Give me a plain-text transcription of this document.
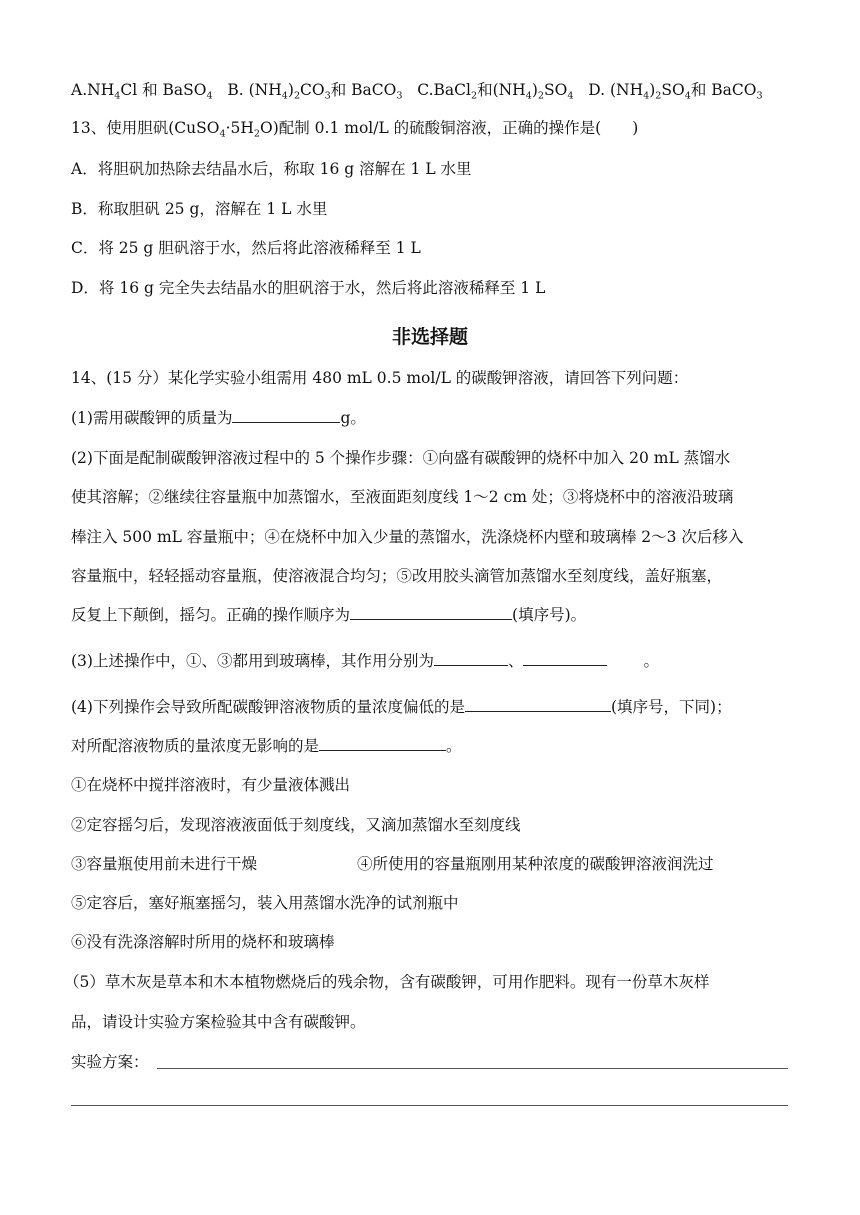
$A.NH_4Cl$ 和 BaSO$_4$ B. $(NH_4)_2CO_3$和 BaCO$_3$ C.BaCl$_2$和$(NH_4)_2SO_4$ D. $(NH_4)_2SO_4$和 BaCO$_3$
13、使用胆矾$(CuSO_4\cdot 5H_2O)$配制 0.1 mol/L 的硫酸铜溶液，正确的操作是(　　)
A．将胆矾加热除去结晶水后，称取 16 g 溶解在 1 L 水里
B．称取胆矾 25 g，溶解在 1 L 水里
C．将 25 g 胆矾溶于水，然后将此溶液稀释至 1 L
D．将 16 g 完全失去结晶水的胆矾溶于水，然后将此溶液稀释至 1 L
非选择题
14、(15 分）某化学实验小组需用 480 mL 0.5 mol/L 的碳酸钾溶液，请回答下列问题：
(1)需用碳酸钾的质量为	g。
(2)下面是配制碳酸钾溶液过程中的 5 个操作步骤：①向盛有碳酸钾的烧杯中加入 20 mL 蒸馏水
使其溶解；②继续往容量瓶中加蒸馏水，至液面距刻度线 1～2 cm 处；③将烧杯中的溶液沿玻璃
棒注入 500 mL 容量瓶中；④在烧杯中加入少量的蒸馏水，洗涤烧杯内壁和玻璃棒 2～3 次后移入
容量瓶中，轻轻摇动容量瓶，使溶液混合均匀；⑤改用胶头滴管加蒸馏水至刻度线，盖好瓶塞，
反复上下颠倒，摇匀。正确的操作顺序为	(填序号)。
(3)上述操作中，①、③都用到玻璃棒，其作用分别为	、	。
(4)下列操作会导致所配碳酸钾溶液物质的量浓度偏低的是	(填序号，下同)；
对所配溶液物质的量浓度无影响的是	。
①在烧杯中搅拌溶液时，有少量液体溅出
②定容摇匀后，发现溶液液面低于刻度线，又滴加蒸馏水至刻度线
③容量瓶使用前未进行干燥	④所使用的容量瓶刚用某种浓度的碳酸钾溶液润洗过
⑤定容后，塞好瓶塞摇匀，装入用蒸馏水洗净的试剂瓶中
⑥没有洗涤溶解时所用的烧杯和玻璃棒
（5）草木灰是草本和木本植物燃烧后的残余物，含有碳酸钾，可用作肥料。现有一份草木灰样
品，请设计实验方案检验其中含有碳酸钾。
实验方案：
